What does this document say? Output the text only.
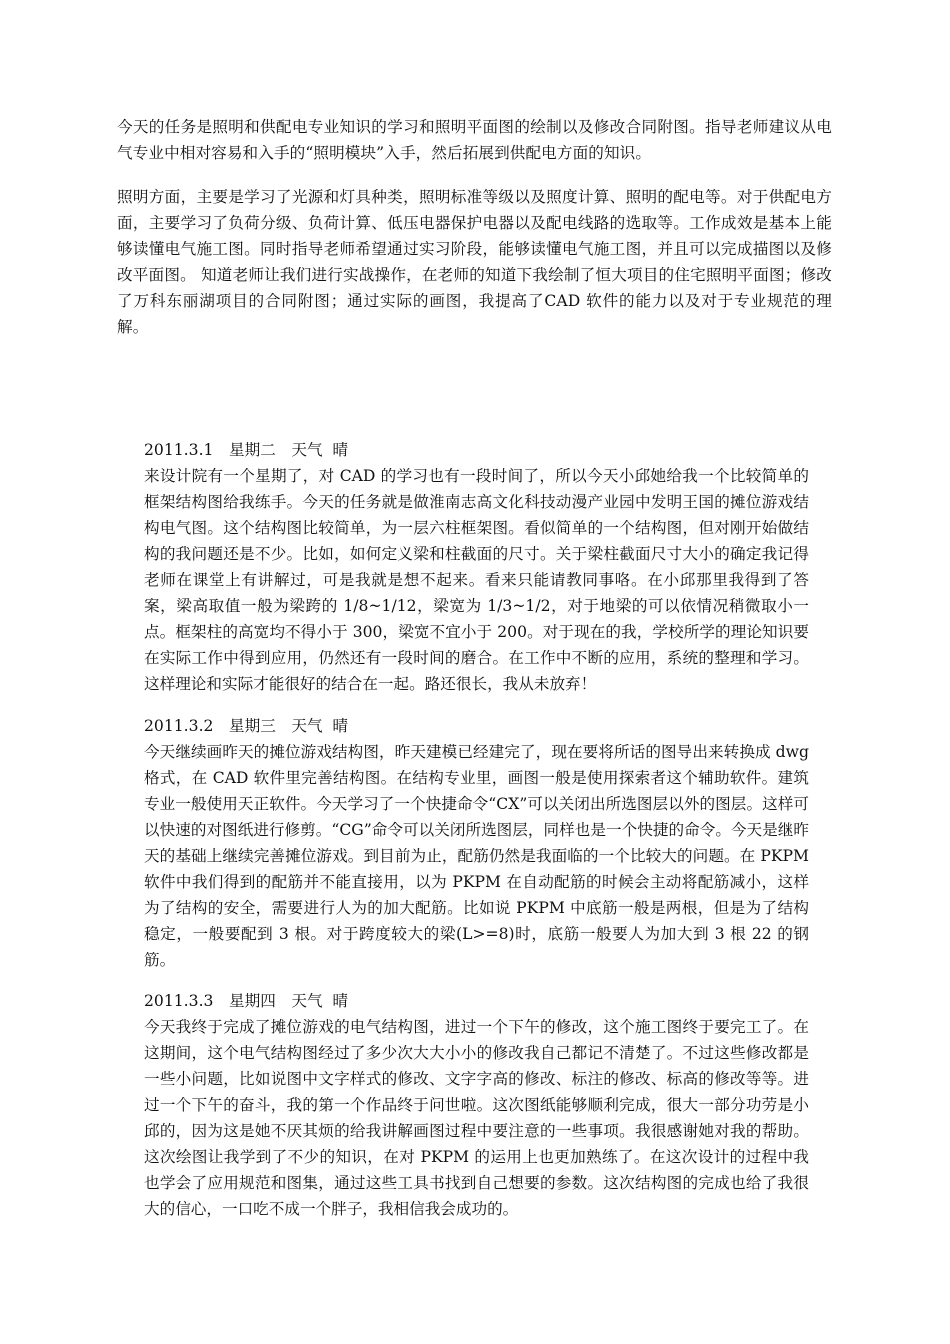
今天的任务是照明和供配电专业知识的学习和照明平面图的绘制以及修改合同附图。指导老师建议从电气专业中相对容易和入手的“照明模块”入手，然后拓展到供配电方面的知识。

照明方面，主要是学习了光源和灯具种类，照明标准等级以及照度计算、照明的配电等。对于供配电方面，主要学习了负荷分级、负荷计算、低压电器保护电器以及配电线路的选取等。工作成效是基本上能够读懂电气施工图。同时指导老师希望通过实习阶段，能够读懂电气施工图，并且可以完成描图以及修改平面图。 知道老师让我们进行实战操作，在老师的知道下我绘制了恒大项目的住宅照明平面图；修改了万科东丽湖项目的合同附图；通过实际的画图，我提高了CAD 软件的能力以及对于专业规范的理解。

2011.3.1　星期二　天气  晴

来设计院有一个星期了，对 CAD 的学习也有一段时间了，所以今天小邱她给我一个比较简单的框架结构图给我练手。今天的任务就是做淮南志高文化科技动漫产业园中发明王国的摊位游戏结构电气图。这个结构图比较简单，为一层六柱框架图。看似简单的一个结构图，但对刚开始做结构的我问题还是不少。比如，如何定义梁和柱截面的尺寸。关于梁柱截面尺寸大小的确定我记得老师在课堂上有讲解过，可是我就是想不起来。看来只能请教同事咯。在小邱那里我得到了答案，梁高取值一般为梁跨的 1/8~1/12，梁宽为 1/3~1/2，对于地梁的可以依情况稍微取小一点。框架柱的高宽均不得小于 300，梁宽不宜小于 200。对于现在的我，学校所学的理论知识要在实际工作中得到应用，仍然还有一段时间的磨合。在工作中不断的应用，系统的整理和学习。这样理论和实际才能很好的结合在一起。路还很长，我从未放弃！

2011.3.2　星期三　天气  晴

今天继续画昨天的摊位游戏结构图，昨天建模已经建完了，现在要将所话的图导出来转换成 dwg 格式，在 CAD 软件里完善结构图。在结构专业里，画图一般是使用探索者这个辅助软件。建筑专业一般使用天正软件。今天学习了一个快捷命令“CX”可以关闭出所选图层以外的图层。这样可以快速的对图纸进行修剪。“CG”命令可以关闭所选图层，同样也是一个快捷的命令。今天是继昨天的基础上继续完善摊位游戏。到目前为止，配筋仍然是我面临的一个比较大的问题。在 PKPM 软件中我们得到的配筋并不能直接用，以为 PKPM 在自动配筋的时候会主动将配筋减小，这样为了结构的安全，需要进行人为的加大配筋。比如说 PKPM 中底筋一般是两根，但是为了结构稳定，一般要配到 3 根。对于跨度较大的梁(L>=8)时，底筋一般要人为加大到 3 根 22 的钢筋。

2011.3.3　星期四　天气  晴

今天我终于完成了摊位游戏的电气结构图，进过一个下午的修改，这个施工图终于要完工了。在这期间，这个电气结构图经过了多少次大大小小的修改我自己都记不清楚了。不过这些修改都是一些小问题，比如说图中文字样式的修改、文字字高的修改、标注的修改、标高的修改等等。进过一个下午的奋斗，我的第一个作品终于问世啦。这次图纸能够顺利完成，很大一部分功劳是小邱的，因为这是她不厌其烦的给我讲解画图过程中要注意的一些事项。我很感谢她对我的帮助。这次绘图让我学到了不少的知识，在对 PKPM 的运用上也更加熟练了。在这次设计的过程中我也学会了应用规范和图集，通过这些工具书找到自己想要的参数。这次结构图的完成也给了我很大的信心，一口吃不成一个胖子，我相信我会成功的。
